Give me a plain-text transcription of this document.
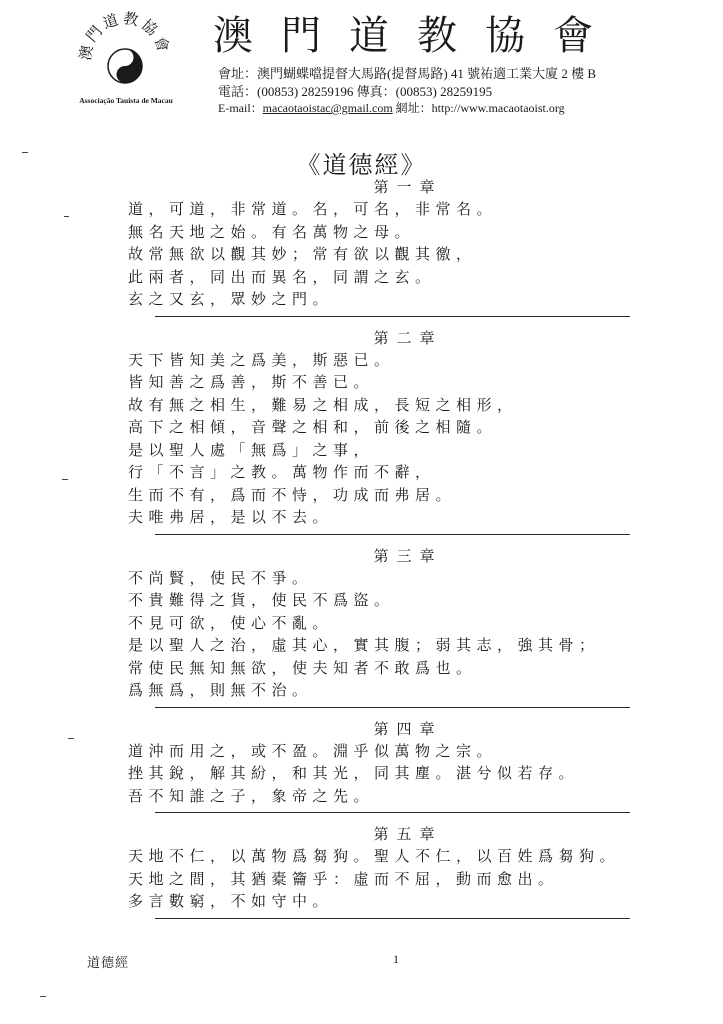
澳門道教協會
Associação Tauista de Macau
澳門道教協會
會址：澳門蝴蝶噹提督大馬路(提督馬路) 41 號祐適工業大廈 2 樓 B
電話：(00853) 28259196 傳真：(00853) 28259195
E-mail：macaotaoistac@gmail.com 網址：http://www.macaotaoist.org
《道德經》
第一章
道，可道，非常道。名，可名，非常名。
無名天地之始。有名萬物之母。
故常無欲以觀其妙；常有欲以觀其徼，
此兩者，同出而異名，同謂之玄。
玄之又玄，眾妙之門。
第二章
天下皆知美之爲美，斯惡已。
皆知善之爲善，斯不善已。
故有無之相生，難易之相成，長短之相形，
高下之相傾，音聲之相和，前後之相隨。
是以聖人處「無爲」之事，
行「不言」之教。萬物作而不辭，
生而不有，爲而不恃，功成而弗居。
夫唯弗居，是以不去。
第三章
不尚賢，使民不爭。
不貴難得之貨，使民不爲盜。
不見可欲，使心不亂。
是以聖人之治，虛其心，實其腹；弱其志，強其骨；
常使民無知無欲，使夫知者不敢爲也。
爲無爲，則無不治。
第四章
道沖而用之，或不盈。淵乎似萬物之宗。
挫其銳，解其紛，和其光，同其塵。湛兮似若存。
吾不知誰之子，象帝之先。
第五章
天地不仁，以萬物爲芻狗。聖人不仁，以百姓爲芻狗。
天地之間，其猶橐籥乎：虛而不屈，動而愈出。
多言數窮，不如守中。
道德經	1
